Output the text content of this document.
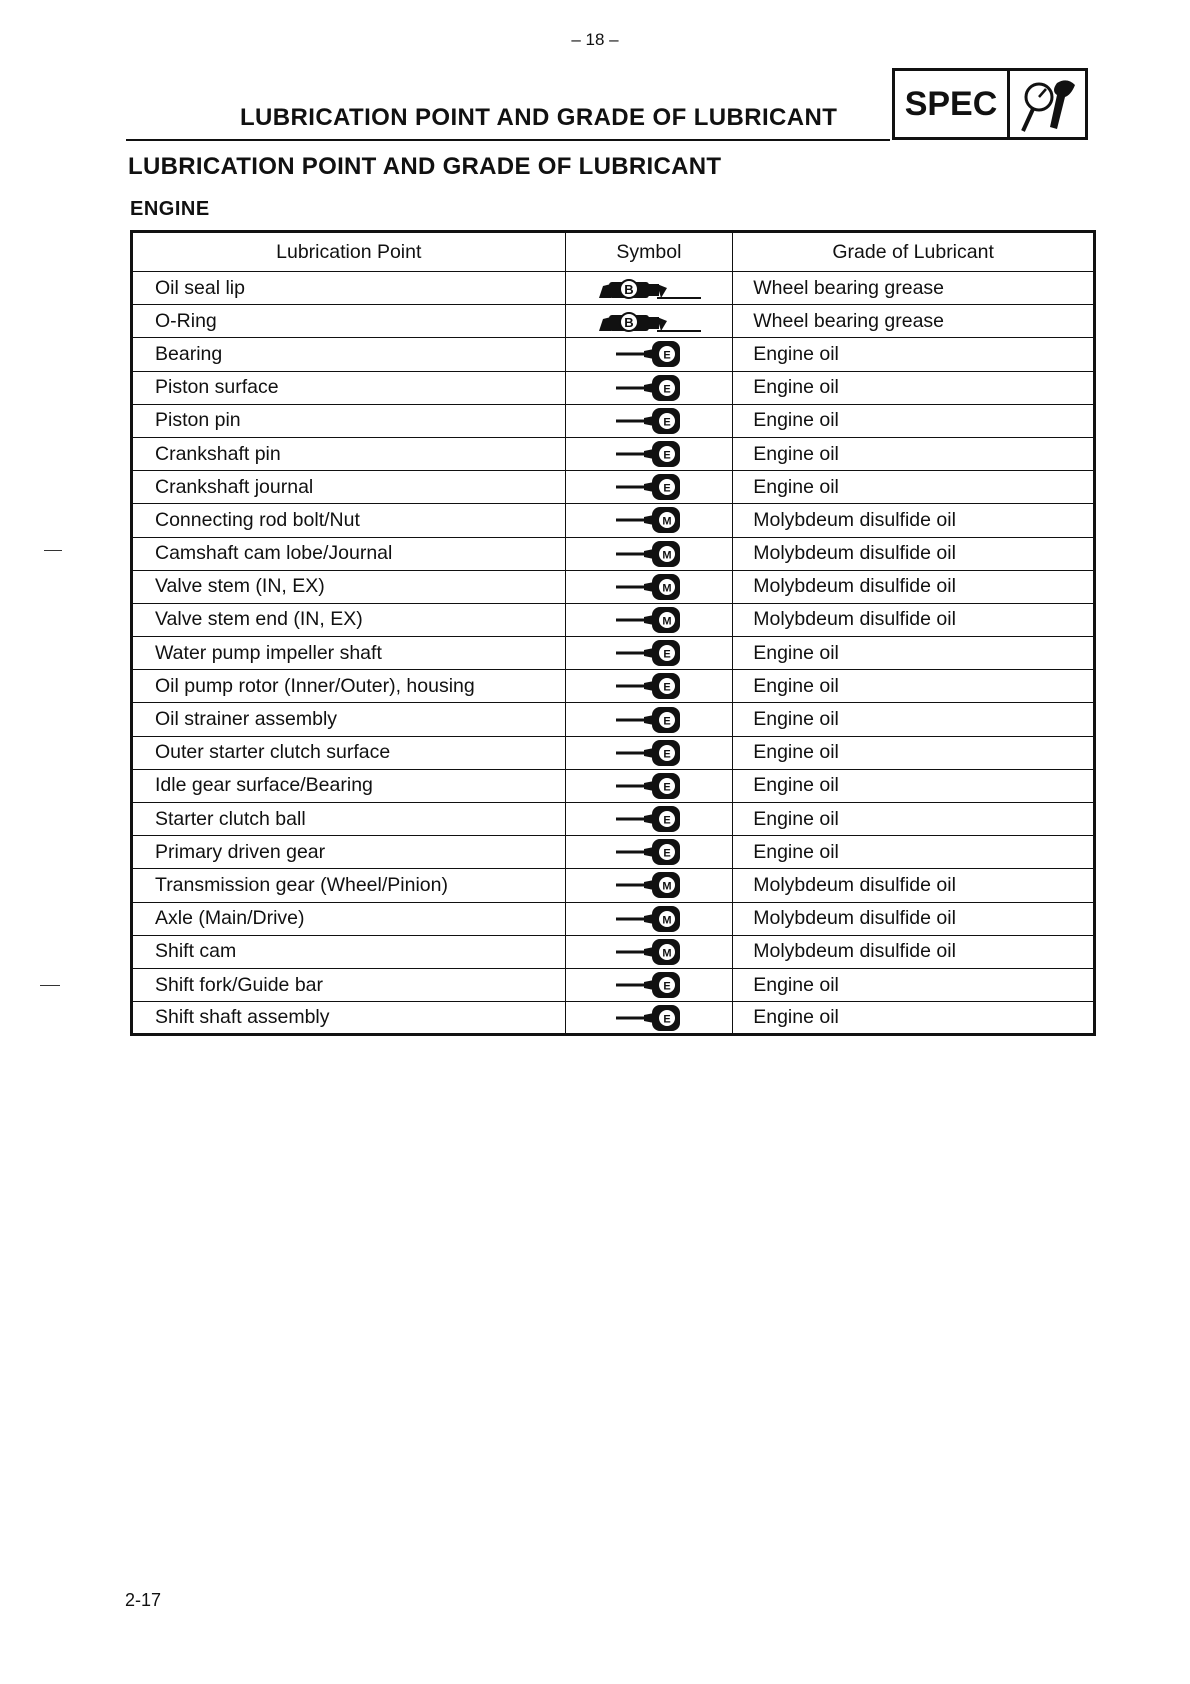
– 18 –
LUBRICATION POINT AND GRADE OF LUBRICANT SPEC
LUBRICATION POINT AND GRADE OF LUBRICANT
ENGINE
Lubrication Point	Symbol	Grade of Lubricant
Oil seal lip	B	Wheel bearing grease
O-Ring	B	Wheel bearing grease
Bearing	E	Engine oil
Piston surface	E	Engine oil
Piston pin	E	Engine oil
Crankshaft pin	E	Engine oil
Crankshaft journal	E	Engine oil
Connecting rod bolt/Nut	M	Molybdeum disulfide oil
Camshaft cam lobe/Journal	M	Molybdeum disulfide oil
Valve stem (IN, EX)	M	Molybdeum disulfide oil
Valve stem end (IN, EX)	M	Molybdeum disulfide oil
Water pump impeller shaft	E	Engine oil
Oil pump rotor (Inner/Outer), housing	E	Engine oil
Oil strainer assembly	E	Engine oil
Outer starter clutch surface	E	Engine oil
Idle gear surface/Bearing	E	Engine oil
Starter clutch ball	E	Engine oil
Primary driven gear	E	Engine oil
Transmission gear (Wheel/Pinion)	M	Molybdeum disulfide oil
Axle (Main/Drive)	M	Molybdeum disulfide oil
Shift cam	M	Molybdeum disulfide oil
Shift fork/Guide bar	E	Engine oil
Shift shaft assembly	E	Engine oil
2-17
